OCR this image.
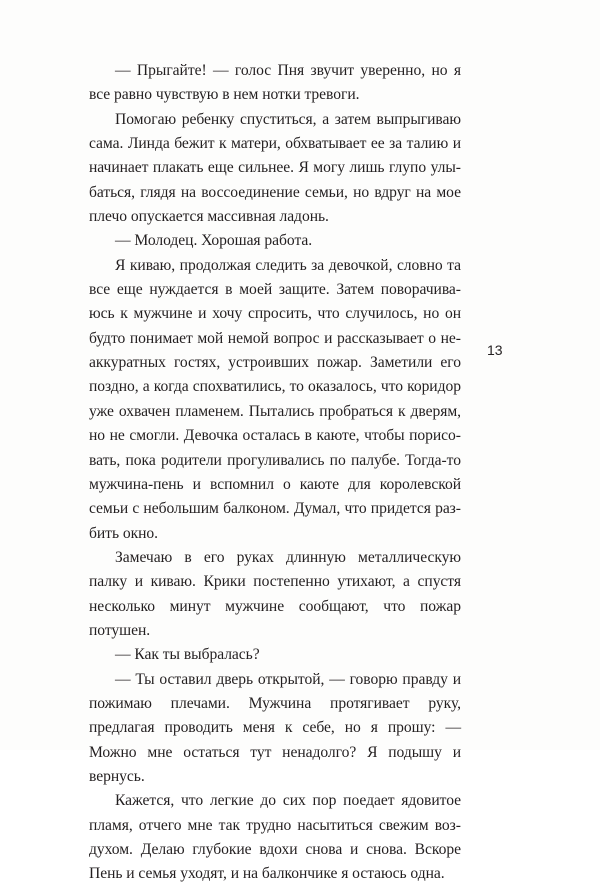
— Прыгайте! — голос Пня звучит уверенно, но я все равно чувствую в нем нотки тревоги.

Помогаю ребенку спуститься, а затем выпрыгиваю сама. Линда бежит к матери, обхватывает ее за талию и начинает плакать еще сильнее. Я могу лишь глупо улыбаться, глядя на воссоединение семьи, но вдруг на мое плечо опускается массивная ладонь.

— Молодец. Хорошая работа.

Я киваю, продолжая следить за девочкой, словно та все еще нуждается в моей защите. Затем поворачиваюсь к мужчине и хочу спросить, что случилось, но он будто понимает мой немой вопрос и рассказывает о неаккуратных гостях, устроивших пожар. Заметили его поздно, а когда спохватились, то оказалось, что коридор уже охвачен пламенем. Пытались пробраться к дверям, но не смогли. Девочка осталась в каюте, чтобы порисовать, пока родители прогуливались по палубе. Тогда-то мужчина-пень и вспомнил о каюте для королевской семьи с небольшим балконом. Думал, что придется разбить окно.

Замечаю в его руках длинную металлическую палку и киваю. Крики постепенно утихают, а спустя несколько минут мужчине сообщают, что пожар потушен.

— Как ты выбралась?

— Ты оставил дверь открытой, — говорю правду и пожимаю плечами. Мужчина протягивает руку, предлагая проводить меня к себе, но я прошу: — Можно мне остаться тут ненадолго? Я подышу и вернусь.

Кажется, что легкие до сих пор поедает ядовитое пламя, отчего мне так трудно насытиться свежим воздухом. Делаю глубокие вдохи снова и снова. Вскоре Пень и семья уходят, и на балкончике я остаюсь одна.

13
